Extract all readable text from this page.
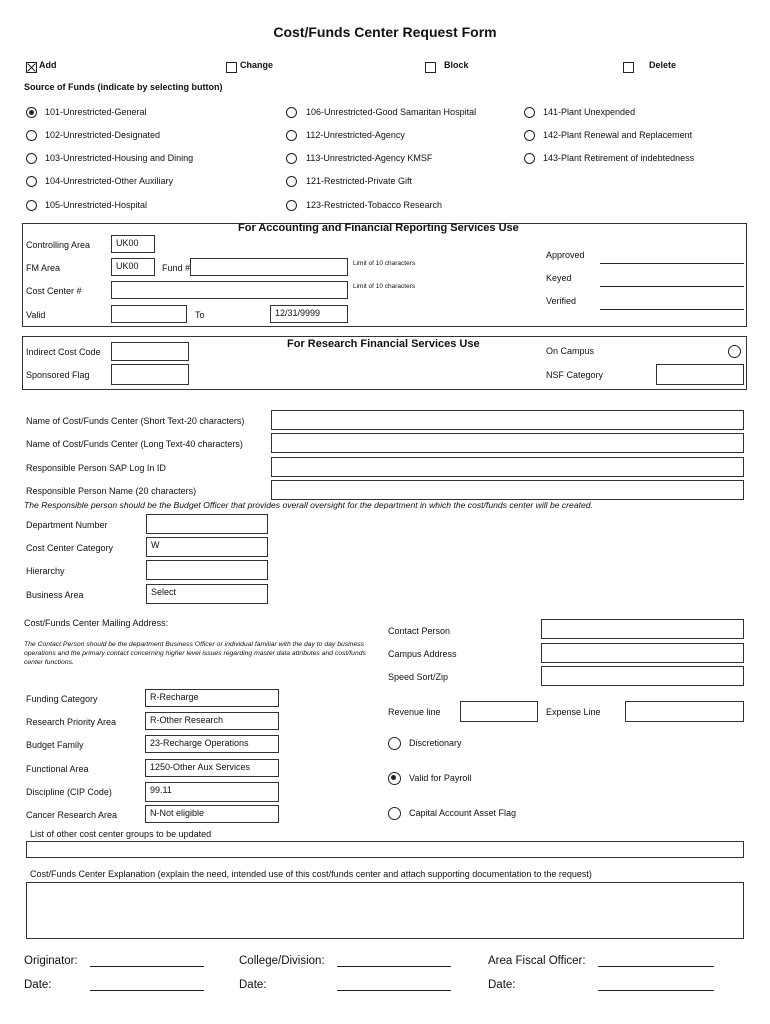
Cost/Funds Center Request Form
Add	Change	Block	Delete
Source of Funds (indicate by selecting button)
101-Unrestricted-General
102-Unrestricted-Designated
103-Unrestricted-Housing and Dining
104-Unrestricted-Other Auxiliary
105-Unrestricted-Hospital
106-Unrestricted-Good Samaritan Hospital
112-Unrestricted-Agency
113-Unrestricted-Agency KMSF
121-Restricted-Private Gift
123-Restricted-Tobacco Research
141-Plant Unexpended
142-Plant Renewal and Replacement
143-Plant Retirement of indebtedness
For Accounting and Financial Reporting Services Use
Controlling Area	UK00
FM Area	UK00	Fund #	Limit of 10 characters
Cost Center #	Limit of 10 characters
Valid	To	12/31/9999
Approved
Keyed
Verified
For Research Financial Services Use
Indirect Cost Code
Sponsored Flag
On Campus
NSF Category
Name of Cost/Funds Center (Short Text-20 characters)
Name of Cost/Funds Center (Long Text-40 characters)
Responsible Person SAP Log In ID
Responsible Person Name (20 characters)
The Responsible person should be the Budget Officer that provides overall oversight for the department in which the cost/funds center will be created.
Department Number
Cost Center Category	W
Hierarchy
Business Area	Select
Cost/Funds Center Mailing Address:
The Contact Person should be the department Business Officer or individual familiar with the day to day business operations and the primary contact concerning higher level issues regarding master data attributes and cost/funds center functions.
Contact Person
Campus Address
Speed Sort/Zip
Funding Category	R-Recharge
Research Priority Area	R-Other Research
Budget Family	23-Recharge Operations
Functional Area	1250-Other Aux Services
Discipline (CIP Code)	99.11
Cancer Research Area	N-Not eligible
Revenue line	Expense Line
Discretionary
Valid for Payroll
Capital Account Asset Flag
List of other cost center groups to be updated
Cost/Funds Center Explanation (explain the need, intended use of this cost/funds center and attach supporting documentation to the request)
Originator:	College/Division:	Area Fiscal Officer:
Date:	Date:	Date:
